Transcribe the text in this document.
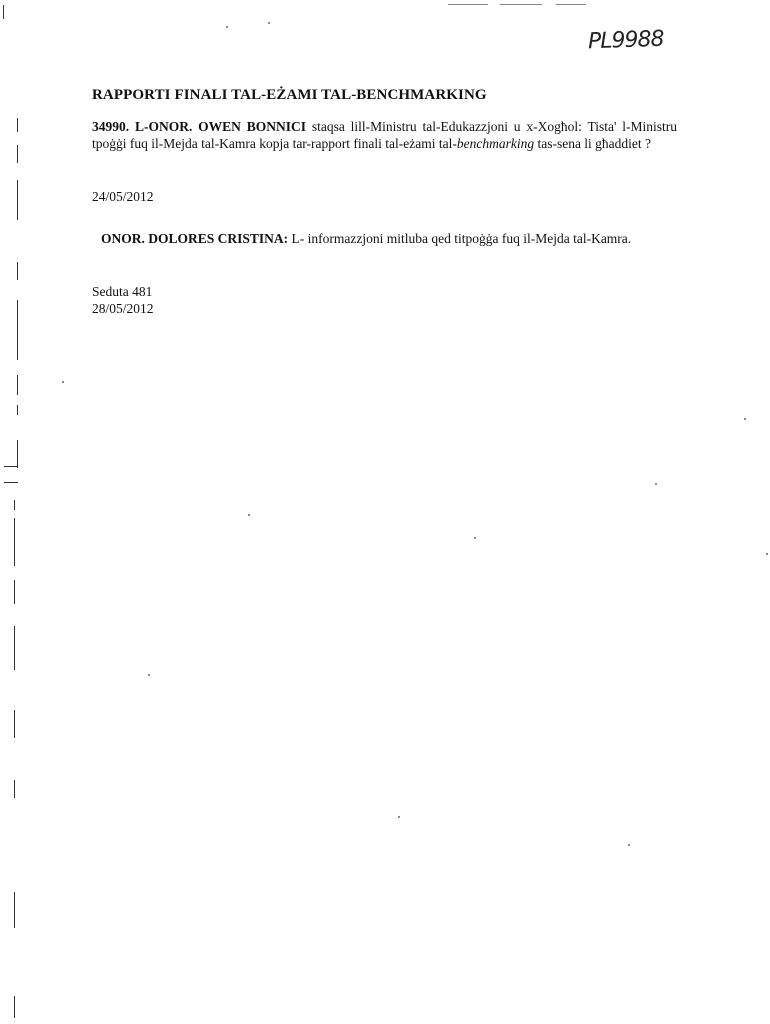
PL9988
RAPPORTI FINALI TAL-EŻAMI TAL-BENCHMARKING
34990. L-ONOR. OWEN BONNICI staqsa lill-Ministru tal-Edukazzjoni u x-Xogħol: Tista' l-Ministru tpoġġi fuq il-Mejda tal-Kamra kopja tar-rapport finali tal-eżami tal-benchmarking tas-sena li għaddiet ?
24/05/2012
ONOR. DOLORES CRISTINA: L- informazzjoni mitluba qed titpoġġa fuq il-Mejda tal-Kamra.
Seduta 481
28/05/2012
